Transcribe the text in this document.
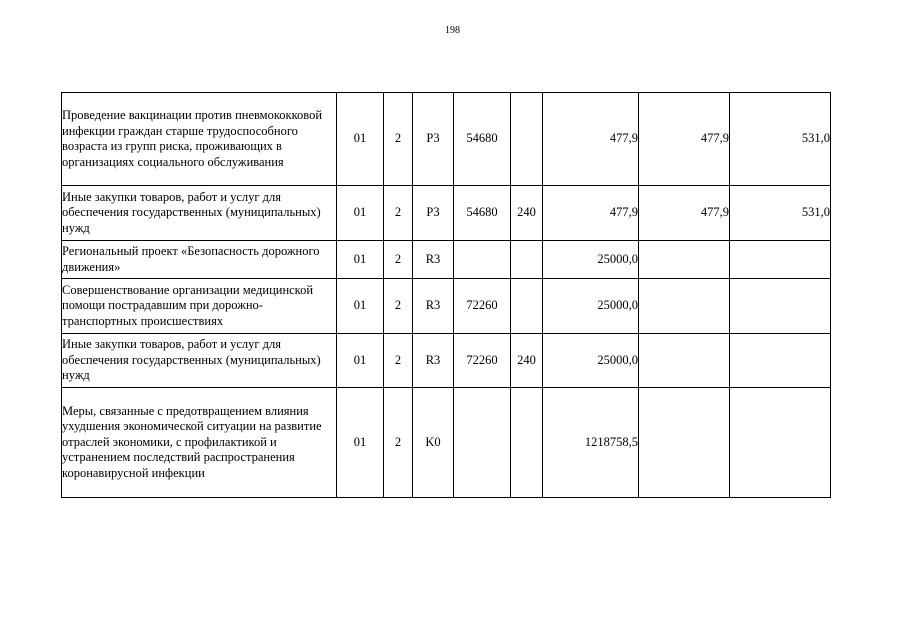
198
Проведение вакцинации против пневмококковой инфекции граждан старше трудоспособного возраста из групп риска, проживающих в организациях социального обслуживания	01	2	P3	54680		477,9	477,9	531,0
Иные закупки товаров, работ и услуг для обеспечения государственных (муниципальных) нужд	01	2	P3	54680	240	477,9	477,9	531,0
Региональный проект «Безопасность дорожного движения»	01	2	R3			25000,0		
Совершенствование организации медицинской помощи пострадавшим при дорожно-транспортных происшествиях	01	2	R3	72260		25000,0		
Иные закупки товаров, работ и услуг для обеспечения государственных (муниципальных) нужд	01	2	R3	72260	240	25000,0		
Меры, связанные с предотвращением влияния ухудшения экономической ситуации на развитие отраслей экономики, с профилактикой и устранением последствий распространения коронавирусной инфекции	01	2	K0			1218758,5		
